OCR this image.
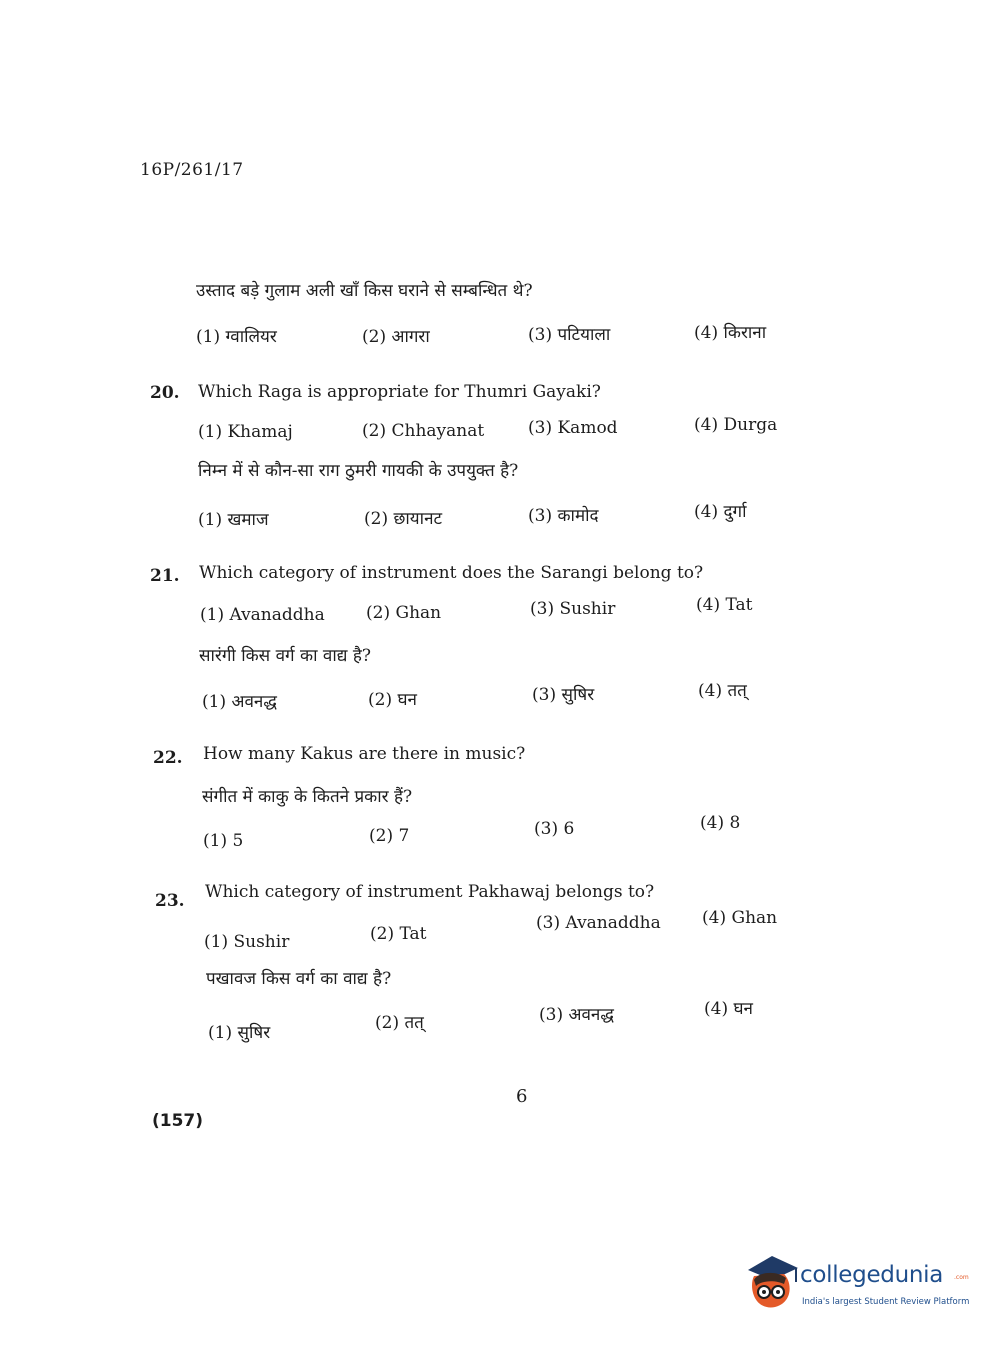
16P/261/17
उस्ताद बड़े गुलाम अली खाँ किस घराने से सम्बन्धित थे?
(1) ग्वालियर	(2) आगरा	(3) पटियाला	(4) किराना
20. Which Raga is appropriate for Thumri Gayaki?
(1) Khamaj	(2) Chhayanat	(3) Kamod	(4) Durga
निम्न में से कौन-सा राग ठुमरी गायकी के उपयुक्त है?
(1) खमाज	(2) छायानट	(3) कामोद	(4) दुर्गा
21. Which category of instrument does the Sarangi belong to?
(1) Avanaddha (2) Ghan	(3) Sushir	(4) Tat
सारंगी किस वर्ग का वाद्य है?
(1) अवनद्ध	(2) घन	(3) सुषिर	(4) तत्
22. How many Kakus are there in music?
संगीत में काकु के कितने प्रकार हैं?
(1) 5	(2) 7	(3) 6	(4) 8
23. Which category of instrument Pakhawaj belongs to?
(1) Sushir	(2) Tat
(3) Avanaddha (4) Ghan
पखावज किस वर्ग का वाद्य है?
(1) सुषिर	(2) तत्	(3) अवनद्ध	(4) घन
6
(157)
collegedunia .com
India's largest Student Review Platform
